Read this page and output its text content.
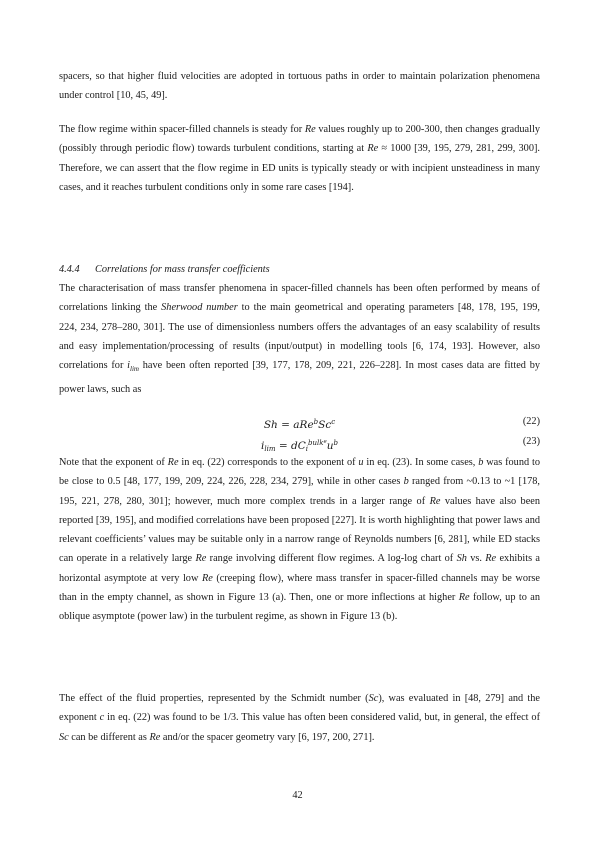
spacers, so that higher fluid velocities are adopted in tortuous paths in order to maintain polarization phenomena under control [10, 45, 49].

The flow regime within spacer-filled channels is steady for Re values roughly up to 200-300, then changes gradually (possibly through periodic flow) towards turbulent conditions, starting at Re ≈ 1000 [39, 195, 279, 281, 299, 300]. Therefore, we can assert that the flow regime in ED units is typically steady or with incipient unsteadiness in many cases, and it reaches turbulent conditions only in some rare cases [194].

4.4.4 Correlations for mass transfer coefficients

The characterisation of mass transfer phenomena in spacer-filled channels has been often performed by means of correlations linking the Sherwood number to the main geometrical and operating parameters [48, 178, 195, 199, 224, 234, 278–280, 301]. The use of dimensionless numbers offers the advantages of an easy scalability of results and easy implementation/processing of results (input/output) in modelling tools [6, 174, 193]. However, also correlations for $i_{lim}$ have been often reported [39, 177, 178, 209, 221, 226–228]. In most cases data are fitted by power laws, such as

$Sh = aRe^bSc^c$	(22)
$i_{lim} = dC_i^{bulk^e}u^b$	(23)

Note that the exponent of Re in eq. (22) corresponds to the exponent of u in eq. (23). In some cases, b was found to be close to 0.5 [48, 177, 199, 209, 224, 226, 228, 234, 279], while in other cases b ranged from ~0.13 to ~1 [178, 195, 221, 278, 280, 301]; however, much more complex trends in a larger range of Re values have also been reported [39, 195], and modified correlations have been proposed [227]. It is worth highlighting that power laws and relevant coefficients’ values may be suitable only in a narrow range of Reynolds numbers [6, 281], while ED stacks can operate in a relatively large Re range involving different flow regimes. A log-log chart of Sh vs. Re exhibits a horizontal asymptote at very low Re (creeping flow), where mass transfer in spacer-filled channels may be worse than in the empty channel, as shown in Figure 13 (a). Then, one or more inflections at higher Re follow, up to an oblique asymptote (power law) in the turbulent regime, as shown in Figure 13 (b).

The effect of the fluid properties, represented by the Schmidt number (Sc), was evaluated in [48, 279] and the exponent c in eq. (22) was found to be 1/3. This value has often been considered valid, but, in general, the effect of Sc can be different as Re and/or the spacer geometry vary [6, 197, 200, 271].

42
